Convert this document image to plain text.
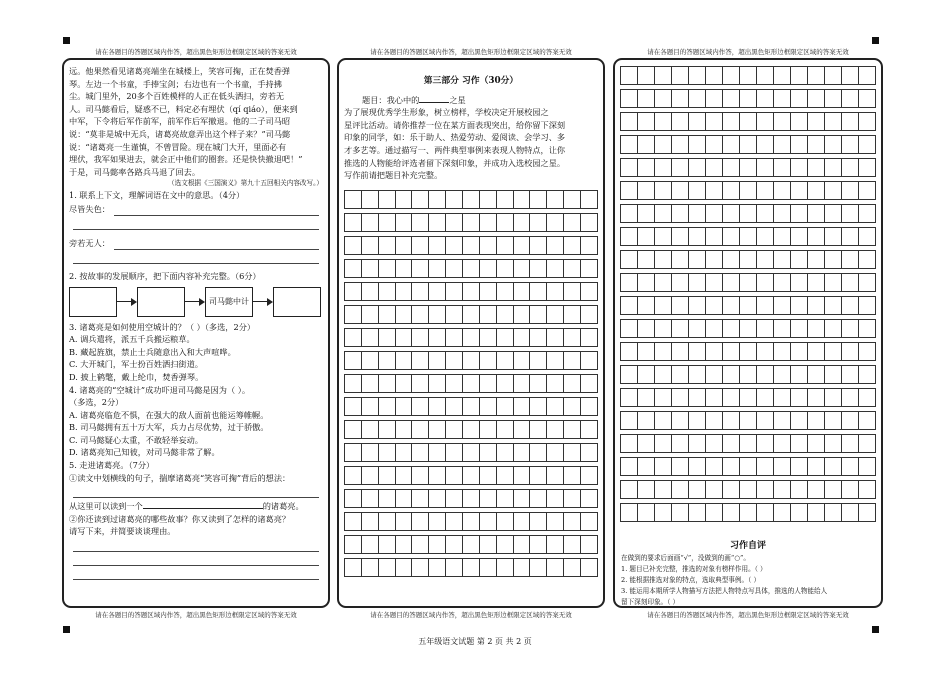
请在各题目的答题区域内作答，超出黑色矩形边框限定区域的答案无效
远。他果然看见诸葛亮端坐在城楼上，笑容可掬，正在焚香弹
琴。左边一个书童，手捧宝剑；右边也有一个书童，手持拂
尘。城门里外，20多个百姓模样的人正在低头洒扫，旁若无
人。司马懿看后，疑惑不已，料定必有埋伏（qí qiáo），便来到
中军，下令将后军作前军，前军作后军撤退。他的二子司马昭
说：“莫非是城中无兵，诸葛亮故意弄出这个样子来？”司马懿
说：“诸葛亮一生谨慎，不曾冒险。现在城门大开，里面必有
埋伏，我军如果进去，就会正中他们的圈套。还是快快撤退吧！”
于是，司马懿率各路兵马退了回去。
（选文根据《三国演义》第九十五回相关内容改写。）
1. 联系上下文，理解词语在文中的意思。（4分）
尽皆失色：
旁若无人：
2. 按故事的发展顺序，把下面内容补充完整。（6分）
司马懿中计
3. 诸葛亮是如何使用空城计的？（ ）（多选，2分）
A. 调兵遣将，派五千兵搬运粮草。
B. 藏起旌旗，禁止士兵随意出入和大声喧哗。
C. 大开城门，军士扮百姓洒扫街道。
D. 披上鹤氅，戴上纶巾，焚香弹琴。
4. 诸葛亮的“空城计”成功吓退司马懿是因为（ ）。
（多选，2分）
A. 诸葛亮临危不惧，在强大的敌人面前也能运筹帷幄。
B. 司马懿拥有五十万大军，兵力占尽优势，过于骄傲。
C. 司马懿疑心太重，不敢轻举妄动。
D. 诸葛亮知己知彼，对司马懿非常了解。
5. 走进诸葛亮。（7分）
①读文中划横线的句子，揣摩诸葛亮“笑容可掬”背后的想法：
从这里可以读到一个	的诸葛亮。
②你还读到过诸葛亮的哪些故事？你又读到了怎样的诸葛亮？
请写下来，并简要谈谈理由。
请在各题目的答题区域内作答，超出黑色矩形边框限定区域的答案无效
请在各题目的答题区域内作答，超出黑色矩形边框限定区域的答案无效
第三部分 习作（30分）
题目：我心中的	之星
为了展现优秀学生形象，树立榜样，学校决定开展校园之
星评比活动。请你推荐一位在某方面表现突出，给你留下深刻
印象的同学，如：乐于助人、热爱劳动、爱阅读、会学习、多
才多艺等。通过描写一、两件典型事例来表现人物特点，让你
推选的人物能给评选者留下深刻印象，并成功入选校园之星。
写作前请把题目补充完整。
请在各题目的答题区域内作答，超出黑色矩形边框限定区域的答案无效
请在各题目的答题区域内作答，超出黑色矩形边框限定区域的答案无效
习作自评
在做到的要求后面画“√”，没做到的画“○”。
1. 题目已补充完整，推选的对象有榜样作用。（ ）
2. 能根据推选对象的特点，选取典型事例。（ ）
3. 能运用本期所学人物描写方法把人物特点写具体，推选的人物能给人
留下深刻印象。（ ）
请在各题目的答题区域内作答，超出黑色矩形边框限定区域的答案无效
五年级语文试题 第 2 页 共 2 页
